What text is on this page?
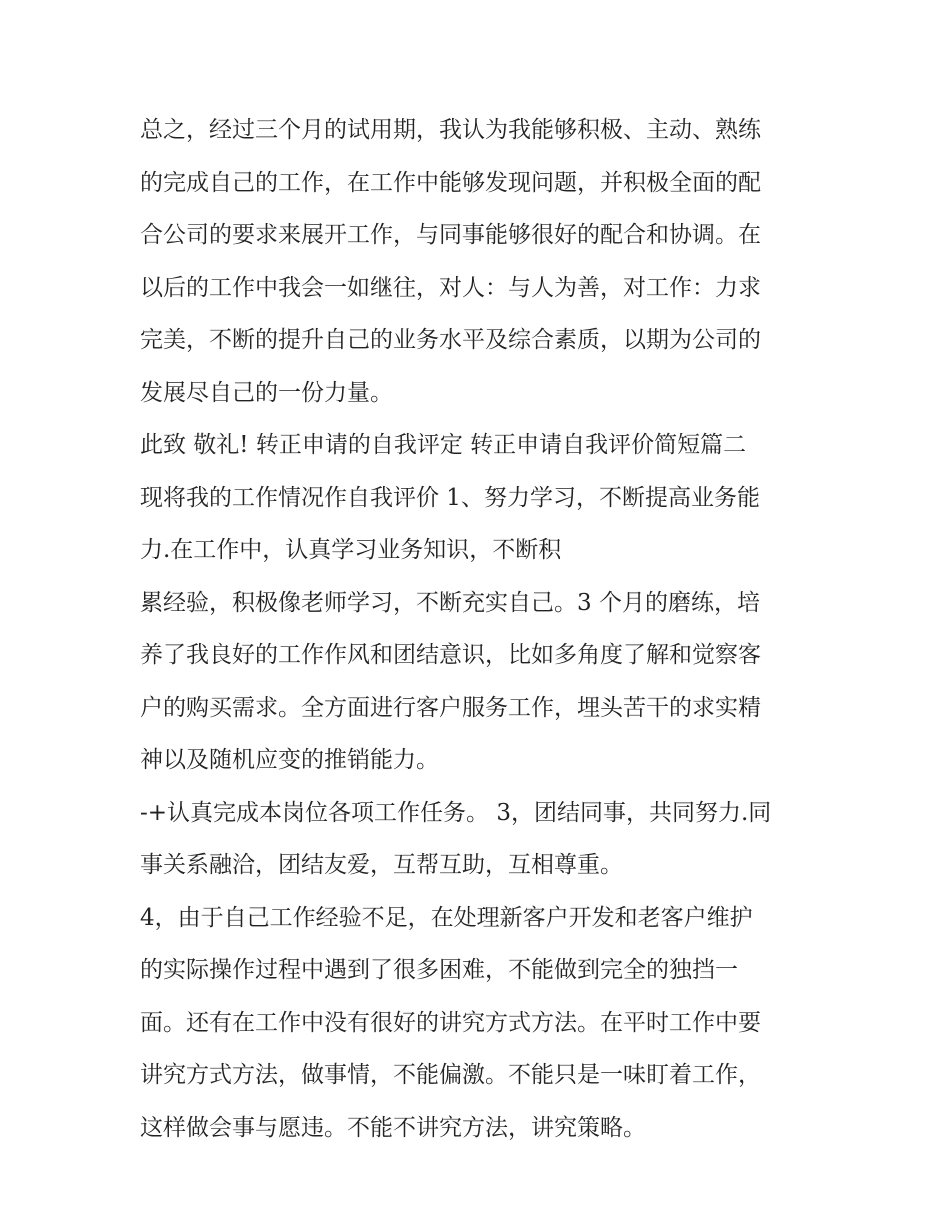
总之，经过三个月的试用期，我认为我能够积极、主动、熟练
的完成自己的工作，在工作中能够发现问题，并积极全面的配
合公司的要求来展开工作，与同事能够很好的配合和协调。在
以后的工作中我会一如继往，对人：与人为善，对工作：力求
完美，不断的提升自己的业务水平及综合素质，以期为公司的
发展尽自己的一份力量。
此致 敬礼! 转正申请的自我评定 转正申请自我评价简短篇二
现将我的工作情况作自我评价 1、努力学习，不断提高业务能
力.在工作中，认真学习业务知识，不断积
累经验，积极像老师学习，不断充实自己。3 个月的磨练，培
养了我良好的工作作风和团结意识，比如多角度了解和觉察客
户的购买需求。全方面进行客户服务工作，埋头苦干的求实精
神以及随机应变的推销能力。
-+认真完成本岗位各项工作任务。 3，团结同事，共同努力.同
事关系融洽，团结友爱，互帮互助，互相尊重。
4，由于自己工作经验不足，在处理新客户开发和老客户维护
的实际操作过程中遇到了很多困难，不能做到完全的独挡一
面。还有在工作中没有很好的讲究方式方法。在平时工作中要
讲究方式方法，做事情，不能偏激。不能只是一味盯着工作，
这样做会事与愿违。不能不讲究方法，讲究策略。
